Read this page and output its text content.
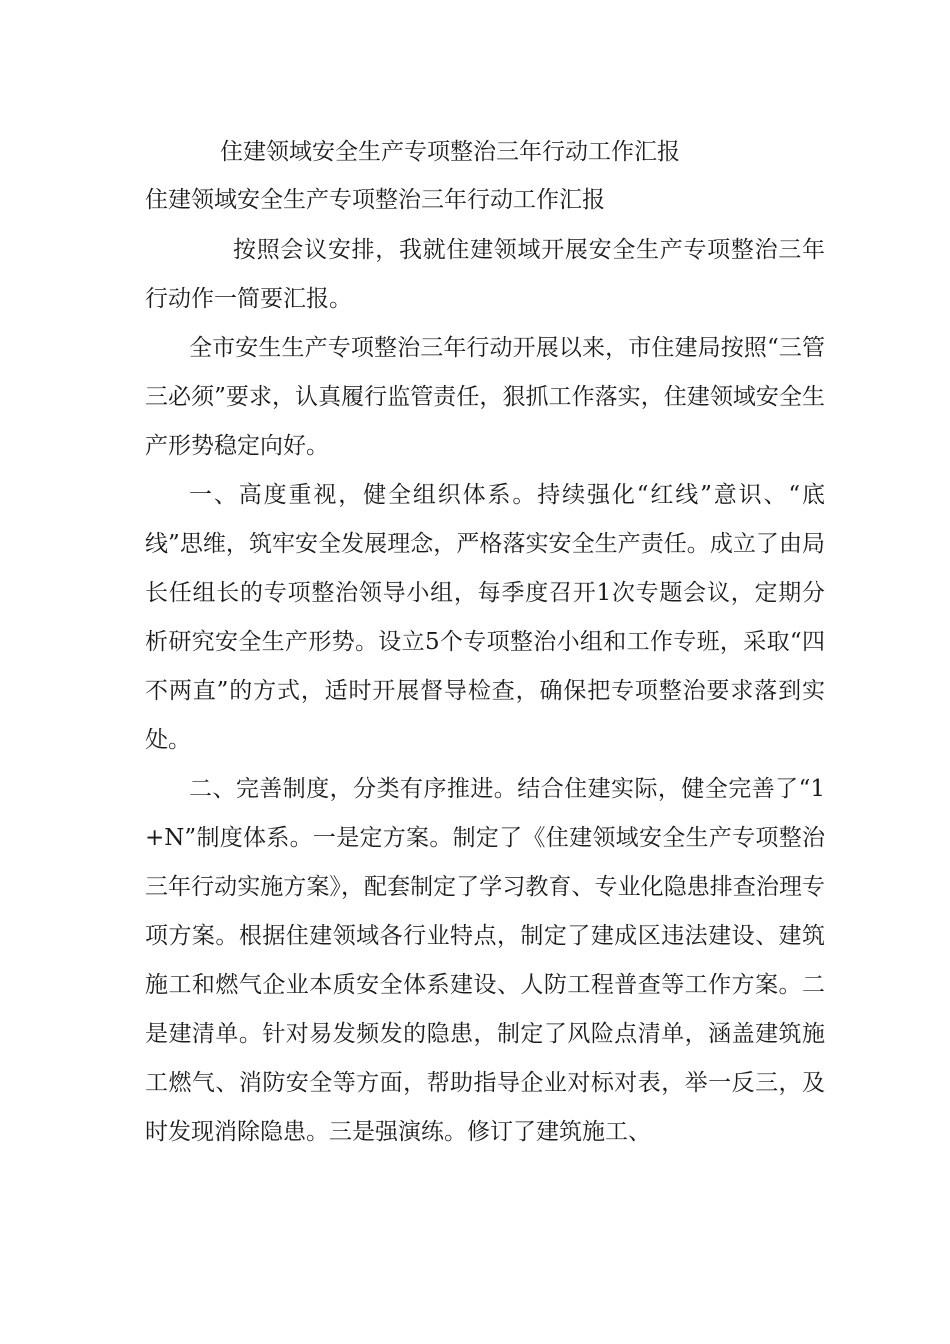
住建领域安全生产专项整治三年行动工作汇报
住建领域安全生产专项整治三年行动工作汇报

按照会议安排，我就住建领域开展安全生产专项整治三年行动作一简要汇报。

全市安生生产专项整治三年行动开展以来，市住建局按照“三管三必须”要求，认真履行监管责任，狠抓工作落实，住建领域安全生产形势稳定向好。

一、高度重视，健全组织体系。持续强化“红线”意识、“底线”思维，筑牢安全发展理念，严格落实安全生产责任。成立了由局长任组长的专项整治领导小组，每季度召开1次专题会议，定期分析研究安全生产形势。设立5个专项整治小组和工作专班，采取“四不两直”的方式，适时开展督导检查，确保把专项整治要求落到实处。

二、完善制度，分类有序推进。结合住建实际，健全完善了“1+N”制度体系。一是定方案。制定了《住建领域安全生产专项整治三年行动实施方案》，配套制定了学习教育、专业化隐患排查治理专项方案。根据住建领域各行业特点，制定了建成区违法建设、建筑施工和燃气企业本质安全体系建设、人防工程普查等工作方案。二是建清单。针对易发频发的隐患，制定了风险点清单，涵盖建筑施工燃气、消防安全等方面，帮助指导企业对标对表，举一反三，及时发现消除隐患。三是强演练。修订了建筑施工、
